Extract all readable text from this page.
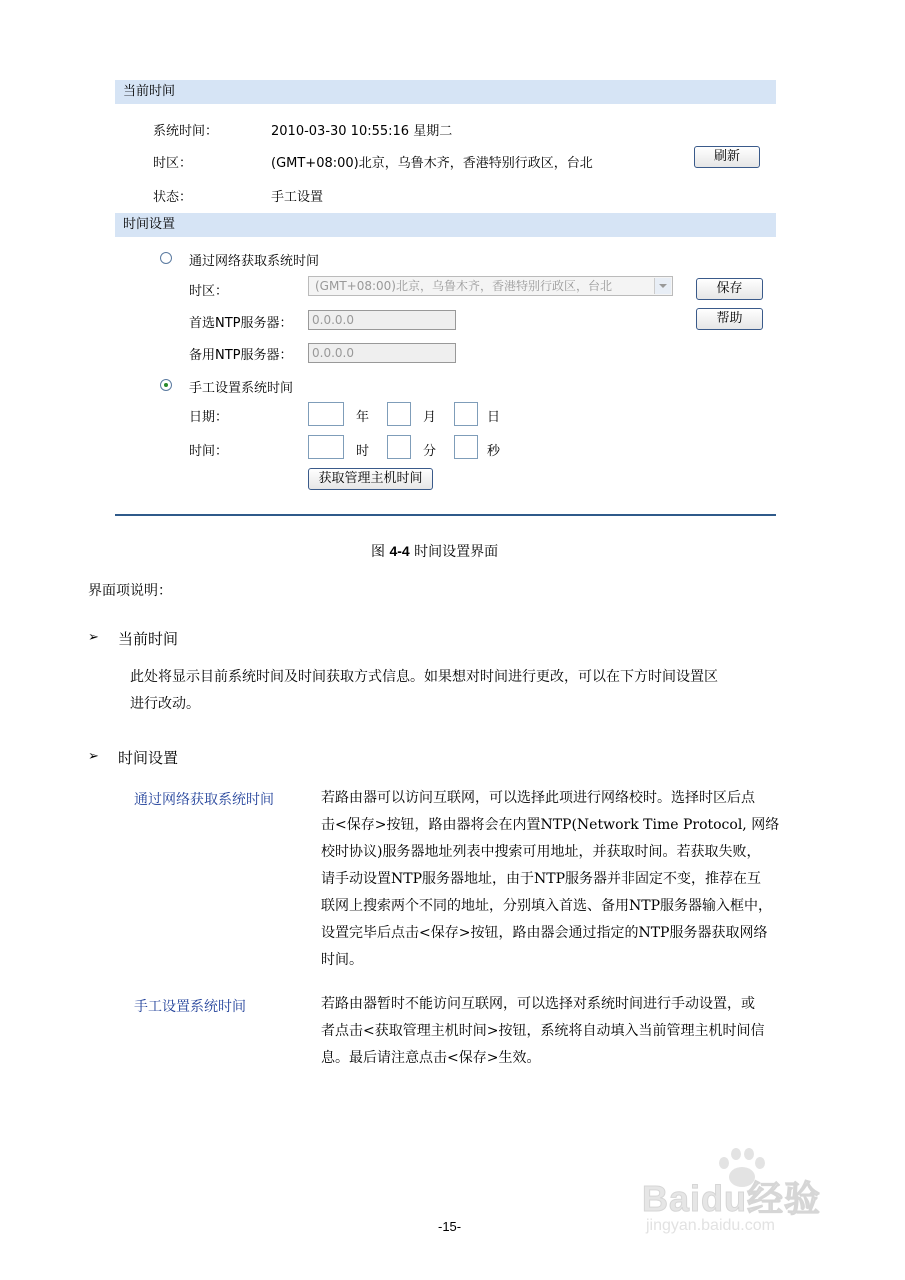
当前时间
系统时间：	2010-03-30 10:55:16 星期二
时区：	(GMT+08:00)北京，乌鲁木齐，香港特别行政区，台北	刷新
状态：	手工设置
时间设置
通过网络获取系统时间
时区：	(GMT+08:00)北京，乌鲁木齐，香港特别行政区，台北	保存
首选NTP服务器：	0.0.0.0	帮助
备用NTP服务器：	0.0.0.0
手工设置系统时间
日期：	年	月	日
时间：	时	分	秒
获取管理主机时间
图 4-4 时间设置界面
界面项说明：
➢ 当前时间
此处将显示目前系统时间及时间获取方式信息。如果想对时间进行更改，可以在下方时间设置区
进行改动。
➢ 时间设置
通过网络获取系统时间	若路由器可以访问互联网，可以选择此项进行网络校时。选择时区后点
击<保存>按钮，路由器将会在内置NTP(Network Time Protocol, 网络
校时协议)服务器地址列表中搜索可用地址，并获取时间。若获取失败，
请手动设置NTP服务器地址，由于NTP服务器并非固定不变，推荐在互
联网上搜索两个不同的地址，分别填入首选、备用NTP服务器输入框中，
设置完毕后点击<保存>按钮，路由器会通过指定的NTP服务器获取网络
时间。
手工设置系统时间	若路由器暂时不能访问互联网，可以选择对系统时间进行手动设置，或
者点击<获取管理主机时间>按钮，系统将自动填入当前管理主机时间信
息。最后请注意点击<保存>生效。
-15-
Baidu经验
jingyan.baidu.com
